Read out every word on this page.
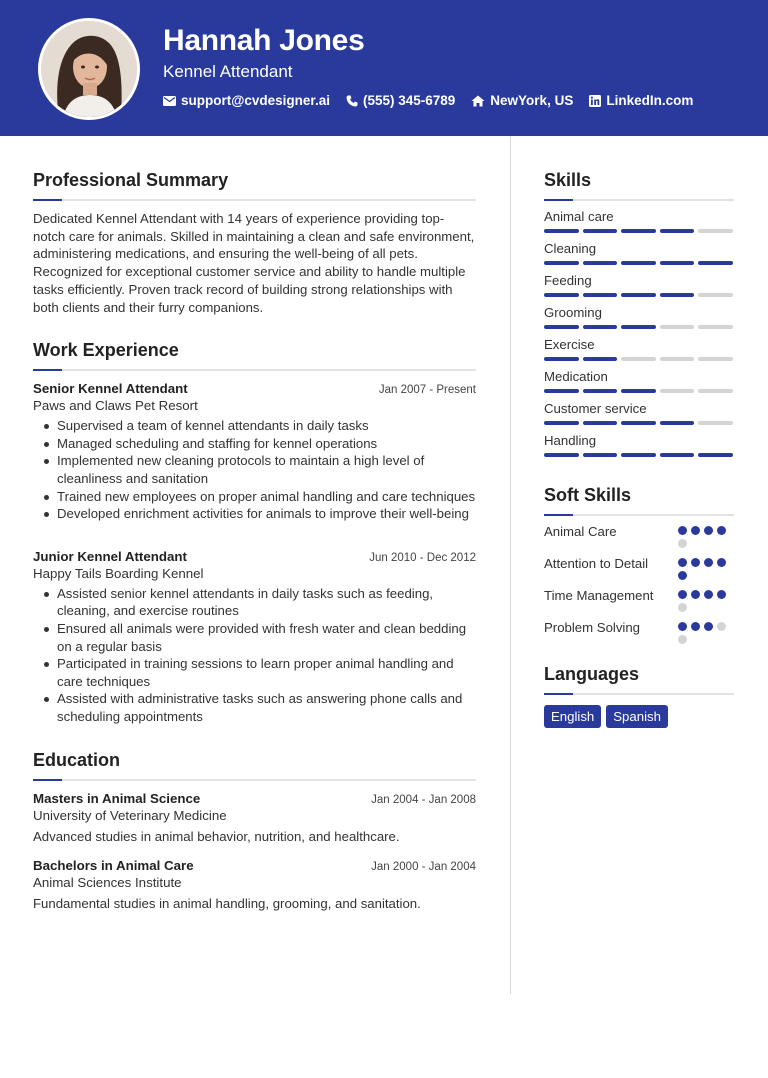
Hannah Jones
Kennel Attendant
support@cvdesigner.ai (555) 345-6789	NewYork, US LinkedIn.com
Professional Summary

Dedicated Kennel Attendant with 14 years of experience providing top-notch care for animals. Skilled in maintaining a clean and safe environment, administering medications, and ensuring the well-being of all pets. Recognized for exceptional customer service and ability to handle multiple tasks efficiently. Proven track record of building strong relationships with both clients and their furry companions.

Work Experience
Senior Kennel Attendant	Jan 2007 - Present
Paws and Claws Pet Resort
Supervised a team of kennel attendants in daily tasks
Managed scheduling and staffing for kennel operations
Implemented new cleaning protocols to maintain a high level of cleanliness and sanitation
Trained new employees on proper animal handling and care techniques
Developed enrichment activities for animals to improve their well-being
Junior Kennel Attendant	Jun 2010 - Dec 2012
Happy Tails Boarding Kennel
Assisted senior kennel attendants in daily tasks such as feeding, cleaning, and exercise routines
Ensured all animals were provided with fresh water and clean bedding on a regular basis
Participated in training sessions to learn proper animal handling and care techniques
Assisted with administrative tasks such as answering phone calls and scheduling appointments
Education
Masters in Animal Science	Jan 2004 - Jan 2008
University of Veterinary Medicine
Advanced studies in animal behavior, nutrition, and healthcare.
Bachelors in Animal Care	Jan 2000 - Jan 2004
Animal Sciences Institute
Fundamental studies in animal handling, grooming, and sanitation.
Skills
Animal care
Cleaning
Feeding
Grooming
Exercise
Medication
Customer service
Handling
Soft Skills
Animal Care
Attention to Detail
Time Management
Problem Solving
Languages
English	Spanish
